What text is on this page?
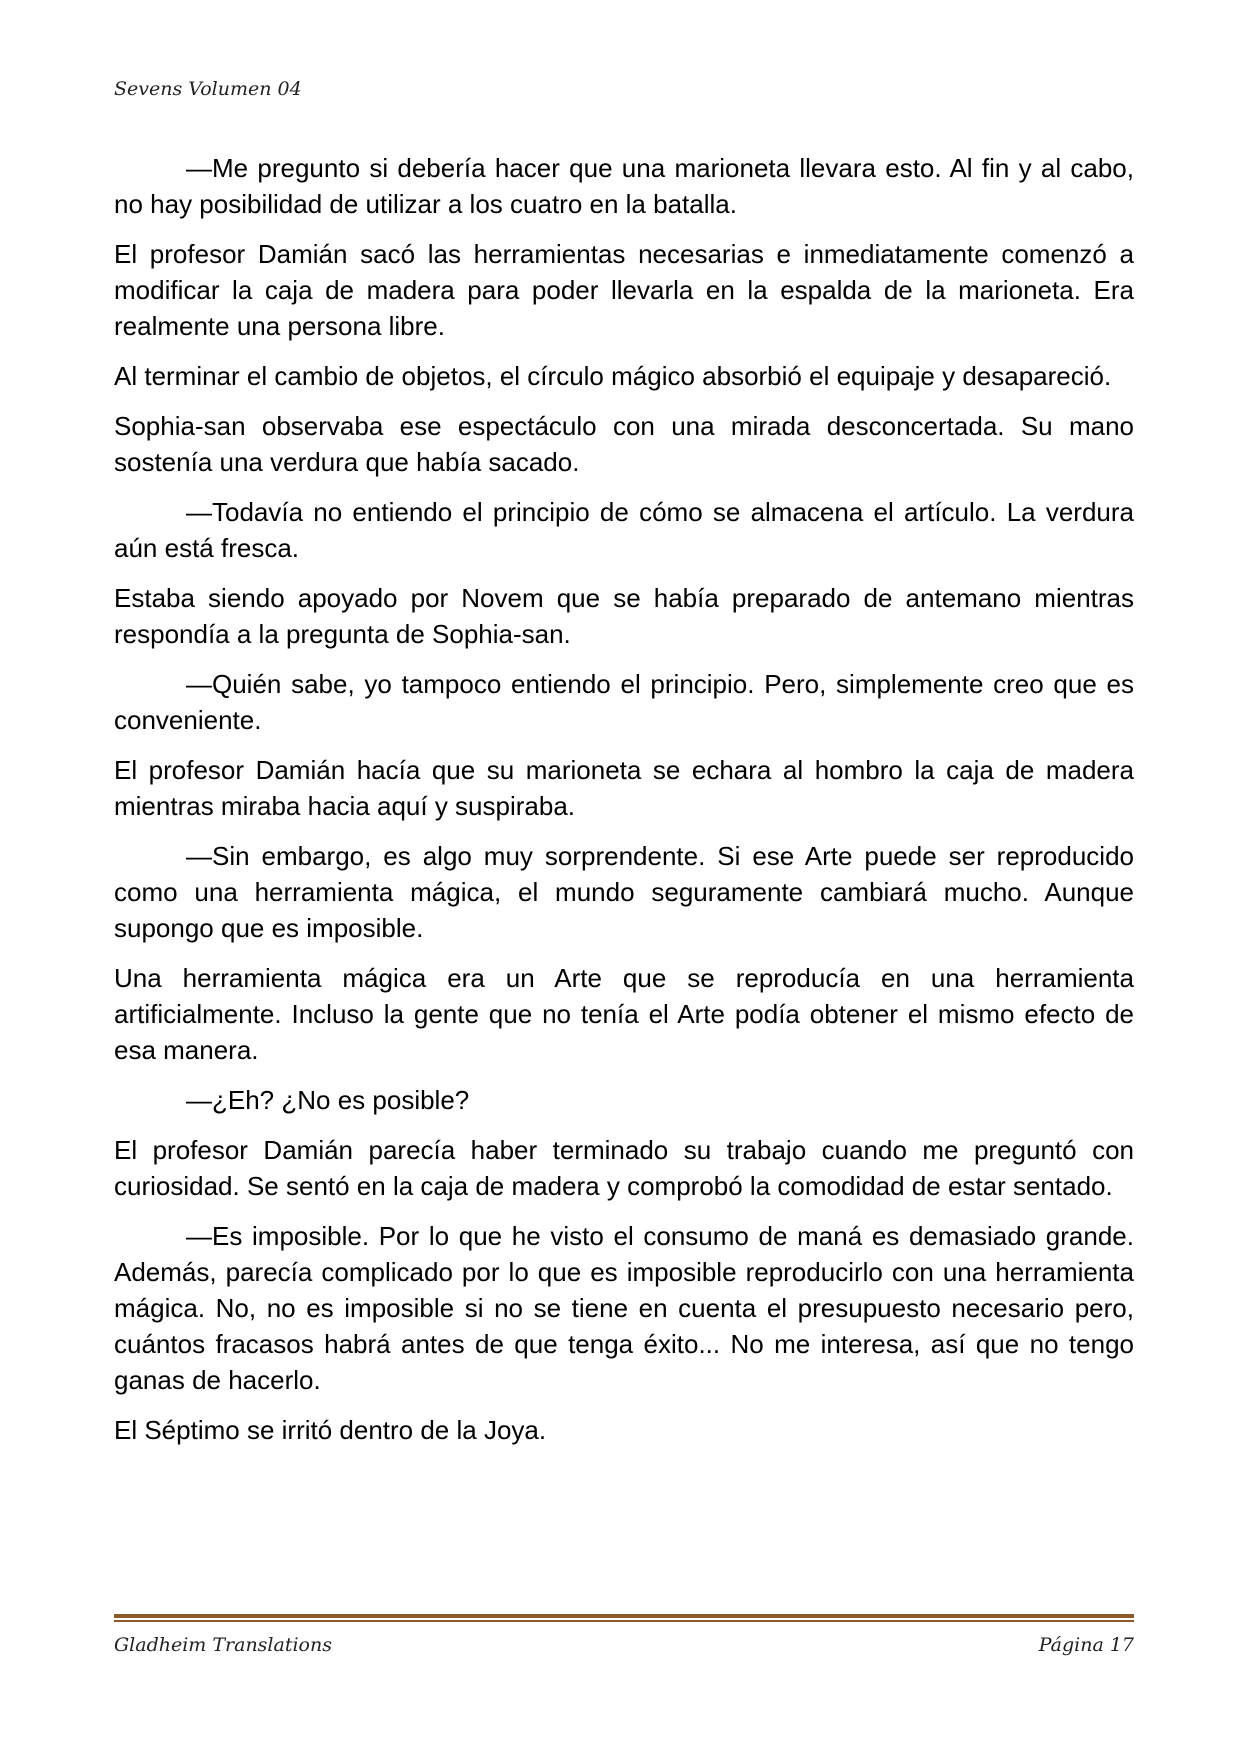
Sevens Volumen 04

—Me pregunto si debería hacer que una marioneta llevara esto. Al fin y al cabo, no hay posibilidad de utilizar a los cuatro en la batalla.

El profesor Damián sacó las herramientas necesarias e inmediatamente comenzó a modificar la caja de madera para poder llevarla en la espalda de la marioneta. Era realmente una persona libre.

Al terminar el cambio de objetos, el círculo mágico absorbió el equipaje y desapareció.

Sophia-san observaba ese espectáculo con una mirada desconcertada. Su mano sostenía una verdura que había sacado.

—Todavía no entiendo el principio de cómo se almacena el artículo. La verdura aún está fresca.

Estaba siendo apoyado por Novem que se había preparado de antemano mientras respondía a la pregunta de Sophia-san.

—Quién sabe, yo tampoco entiendo el principio. Pero, simplemente creo que es conveniente.

El profesor Damián hacía que su marioneta se echara al hombro la caja de madera mientras miraba hacia aquí y suspiraba.

—Sin embargo, es algo muy sorprendente. Si ese Arte puede ser reproducido como una herramienta mágica, el mundo seguramente cambiará mucho. Aunque supongo que es imposible.

Una herramienta mágica era un Arte que se reproducía en una herramienta artificialmente. Incluso la gente que no tenía el Arte podía obtener el mismo efecto de esa manera.

—¿Eh? ¿No es posible?

El profesor Damián parecía haber terminado su trabajo cuando me preguntó con curiosidad. Se sentó en la caja de madera y comprobó la comodidad de estar sentado.

—Es imposible. Por lo que he visto el consumo de maná es demasiado grande. Además, parecía complicado por lo que es imposible reproducirlo con una herramienta mágica. No, no es imposible si no se tiene en cuenta el presupuesto necesario pero, cuántos fracasos habrá antes de que tenga éxito... No me interesa, así que no tengo ganas de hacerlo.

El Séptimo se irritó dentro de la Joya.

Gladheim Translations	Página 17
